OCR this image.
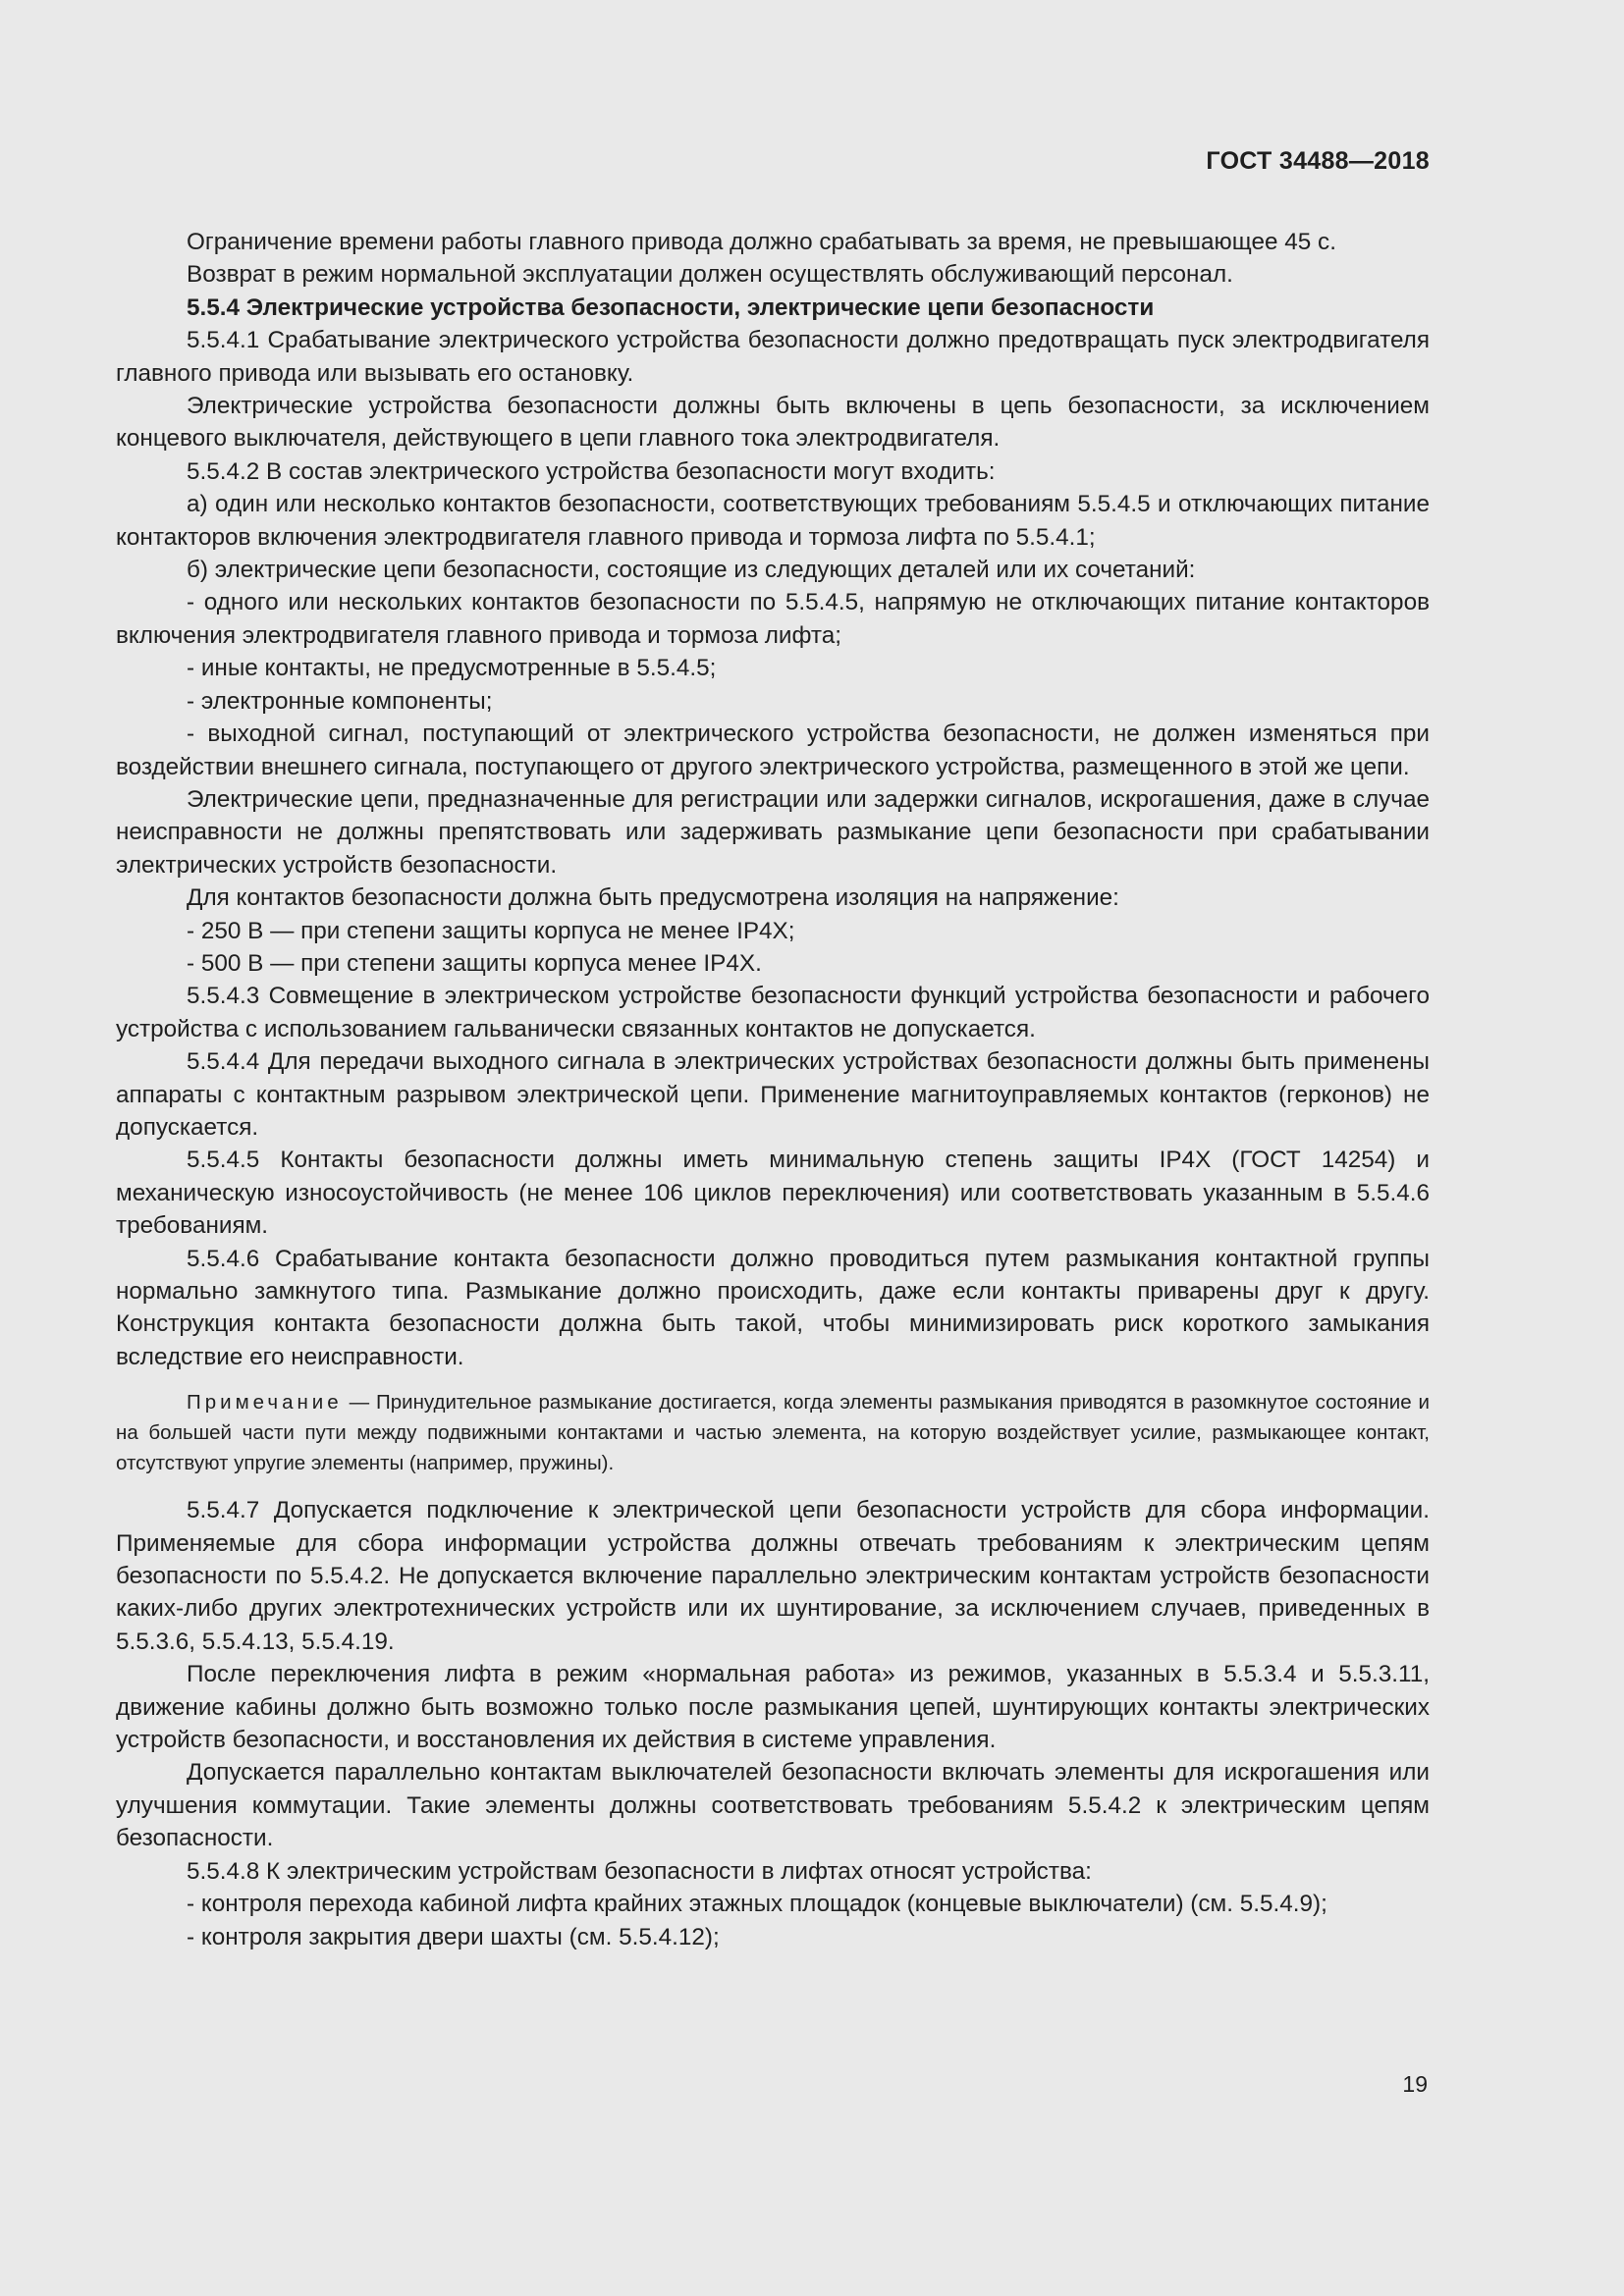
ГОСТ 34488—2018

Ограничение времени работы главного привода должно срабатывать за время, не превышающее 45 с.

Возврат в режим нормальной эксплуатации должен осуществлять обслуживающий персонал.

5.5.4 Электрические устройства безопасности, электрические цепи безопасности

5.5.4.1 Срабатывание электрического устройства безопасности должно предотвращать пуск электродвигателя главного привода или вызывать его остановку.

Электрические устройства безопасности должны быть включены в цепь безопасности, за исключением концевого выключателя, действующего в цепи главного тока электродвигателя.

5.5.4.2 В состав электрического устройства безопасности могут входить:

а) один или несколько контактов безопасности, соответствующих требованиям 5.5.4.5 и отключающих питание контакторов включения электродвигателя главного привода и тормоза лифта по 5.5.4.1;

б) электрические цепи безопасности, состоящие из следующих деталей или их сочетаний:

- одного или нескольких контактов безопасности по 5.5.4.5, напрямую не отключающих питание контакторов включения электродвигателя главного привода и тормоза лифта;

- иные контакты, не предусмотренные в 5.5.4.5;

- электронные компоненты;

- выходной сигнал, поступающий от электрического устройства безопасности, не должен изменяться при воздействии внешнего сигнала, поступающего от другого электрического устройства, размещенного в этой же цепи.

Электрические цепи, предназначенные для регистрации или задержки сигналов, искрогашения, даже в случае неисправности не должны препятствовать или задерживать размыкание цепи безопасности при срабатывании электрических устройств безопасности.

Для контактов безопасности должна быть предусмотрена изоляция на напряжение:

- 250 В — при степени защиты корпуса не менее IP4X;

- 500 В — при степени защиты корпуса менее IP4X.

5.5.4.3 Совмещение в электрическом устройстве безопасности функций устройства безопасности и рабочего устройства с использованием гальванически связанных контактов не допускается.

5.5.4.4 Для передачи выходного сигнала в электрических устройствах безопасности должны быть применены аппараты с контактным разрывом электрической цепи. Применение магнитоуправляемых контактов (герконов) не допускается.

5.5.4.5 Контакты безопасности должны иметь минимальную степень защиты IP4X (ГОСТ 14254) и механическую износоустойчивость (не менее 106 циклов переключения) или соответствовать указанным в 5.5.4.6 требованиям.

5.5.4.6 Срабатывание контакта безопасности должно проводиться путем размыкания контактной группы нормально замкнутого типа. Размыкание должно происходить, даже если контакты приварены друг к другу. Конструкция контакта безопасности должна быть такой, чтобы минимизировать риск короткого замыкания вследствие его неисправности.

Примечание — Принудительное размыкание достигается, когда элементы размыкания приводятся в разомкнутое состояние и на большей части пути между подвижными контактами и частью элемента, на которую воздействует усилие, размыкающее контакт, отсутствуют упругие элементы (например, пружины).

5.5.4.7 Допускается подключение к электрической цепи безопасности устройств для сбора информации. Применяемые для сбора информации устройства должны отвечать требованиям к электрическим цепям безопасности по 5.5.4.2. Не допускается включение параллельно электрическим контактам устройств безопасности каких-либо других электротехнических устройств или их шунтирование, за исключением случаев, приведенных в 5.5.3.6, 5.5.4.13, 5.5.4.19.

После переключения лифта в режим «нормальная работа» из режимов, указанных в 5.5.3.4 и 5.5.3.11, движение кабины должно быть возможно только после размыкания цепей, шунтирующих контакты электрических устройств безопасности, и восстановления их действия в системе управления.

Допускается параллельно контактам выключателей безопасности включать элементы для искрогашения или улучшения коммутации. Такие элементы должны соответствовать требованиям 5.5.4.2 к электрическим цепям безопасности.

5.5.4.8 К электрическим устройствам безопасности в лифтах относят устройства:

- контроля перехода кабиной лифта крайних этажных площадок (концевые выключатели) (см. 5.5.4.9);

- контроля закрытия двери шахты (см. 5.5.4.12);

19
